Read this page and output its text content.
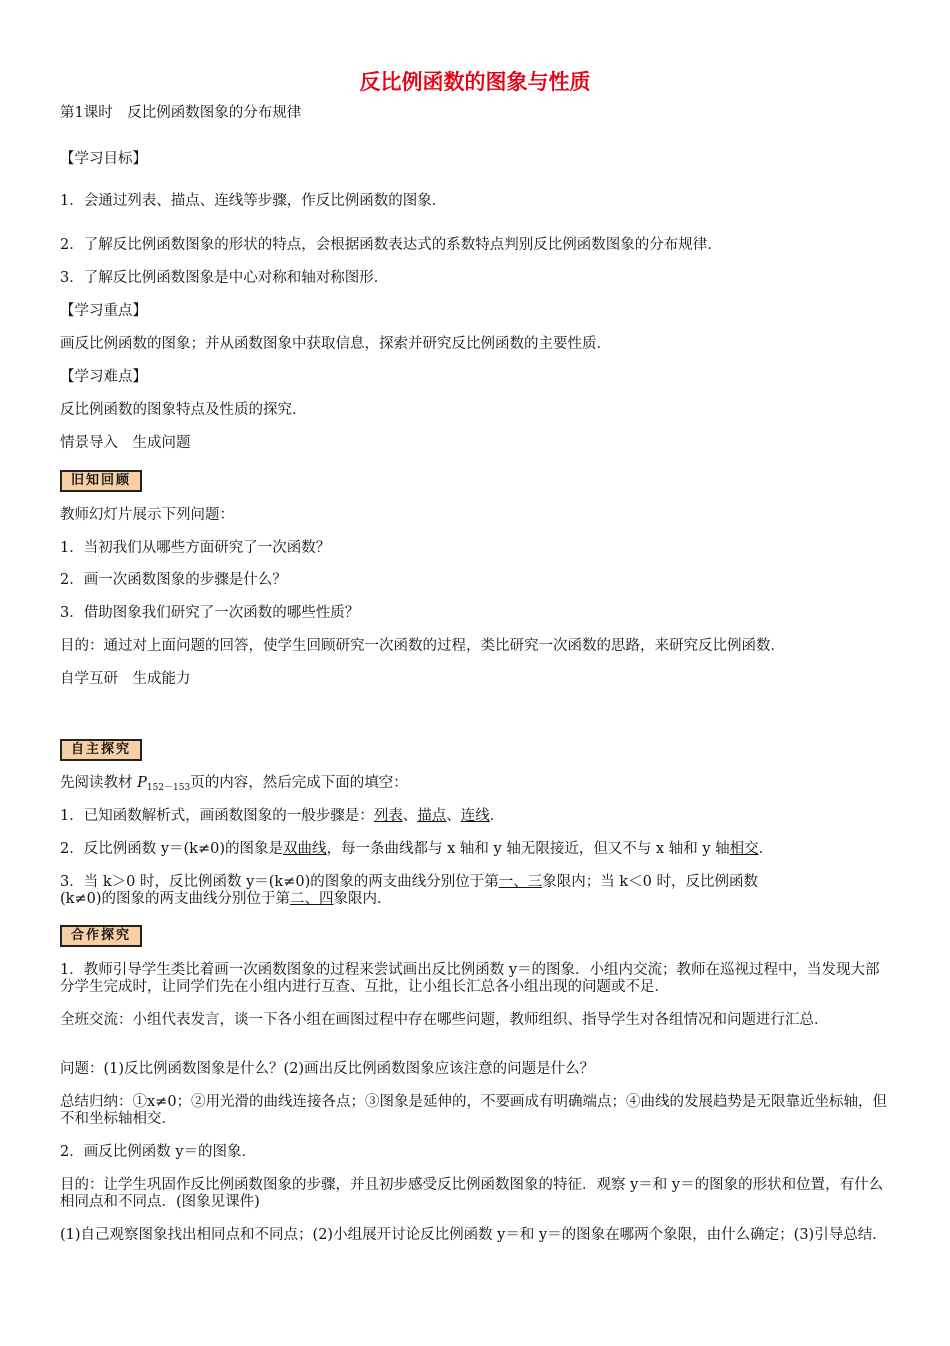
反比例函数的图象与性质
第1课时　反比例函数图象的分布规律
【学习目标】
1．会通过列表、描点、连线等步骤，作反比例函数的图象．
2．了解反比例函数图象的形状的特点，会根据函数表达式的系数特点判别反比例函数图象的分布规律．
3．了解反比例函数图象是中心对称和轴对称图形．
【学习重点】
画反比例函数的图象；并从函数图象中获取信息，探索并研究反比例函数的主要性质．
【学习难点】
反比例函数的图象特点及性质的探究．
情景导入　生成问题
旧知回顾
教师幻灯片展示下列问题：
1．当初我们从哪些方面研究了一次函数？
2．画一次函数图象的步骤是什么？
3．借助图象我们研究了一次函数的哪些性质？
目的：通过对上面问题的回答，使学生回顾研究一次函数的过程，类比研究一次函数的思路，来研究反比例函数．
自学互研　生成能力
自主探究
先阅读教材 $P_{152-153}$页的内容，然后完成下面的填空：
1．已知函数解析式，画函数图象的一般步骤是：列表、描点、连线．
2．反比例函数 y＝(k≠0)的图象是双曲线，每一条曲线都与 x 轴和 y 轴无限接近，但又不与 x 轴和 y 轴相交．
3．当 k＞0 时，反比例函数 y＝(k≠0)的图象的两支曲线分别位于第一、三象限内；当 k＜0 时，反比例函数
(k≠0)的图象的两支曲线分别位于第二、四象限内．
合作探究
1．教师引导学生类比着画一次函数图象的过程来尝试画出反比例函数 y＝的图象．小组内交流；教师在巡视过程中，当发现大部分学生完成时，让同学们先在小组内进行互查、互批，让小组长汇总各小组出现的问题或不足．
全班交流：小组代表发言，谈一下各小组在画图过程中存在哪些问题，教师组织、指导学生对各组情况和问题进行汇总．
问题：(1)反比例函数图象是什么？(2)画出反比例函数图象应该注意的问题是什么？
总结归纳：①x≠0；②用光滑的曲线连接各点；③图象是延伸的，不要画成有明确端点；④曲线的发展趋势是无限靠近坐标轴，但不和坐标轴相交．
2．画反比例函数 y＝的图象．
目的：让学生巩固作反比例函数图象的步骤，并且初步感受反比例函数图象的特征．观察 y＝和 y＝的图象的形状和位置，有什么相同点和不同点．(图象见课件)
(1)自己观察图象找出相同点和不同点；(2)小组展开讨论反比例函数 y＝和 y＝的图象在哪两个象限，由什么确定；(3)引导总结．
